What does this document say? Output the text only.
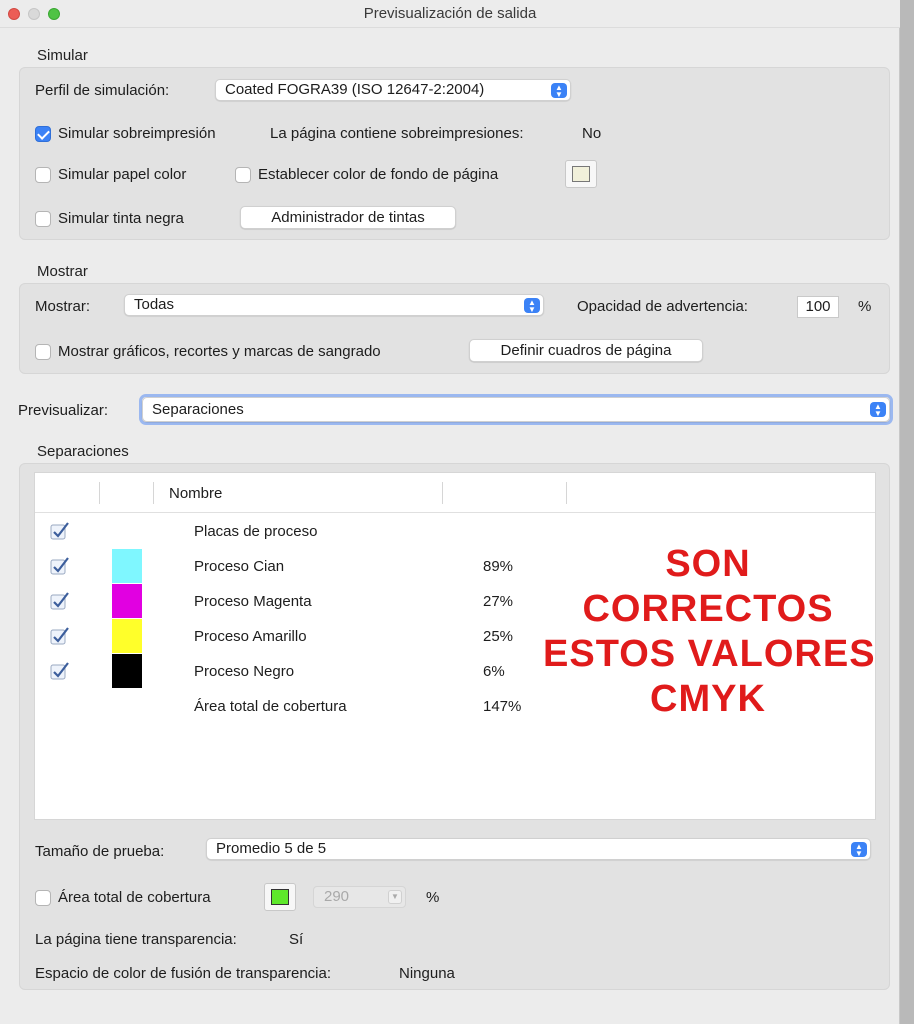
Previsualización de salida
Simular
Perfil de simulación:	Coated FOGRA39 (ISO 12647-2:2004)	▲
▼
Simular sobreimpresión	La página contiene sobreimpresiones:	No
Simular papel color	Establecer color de fondo de página
Simular tinta negra	Administrador de tintas
Mostrar
Mostrar:	Todas	▲
▼	Opacidad de advertencia:	100	%
Mostrar gráficos, recortes y marcas de sangrado	Definir cuadros de página
Previsualizar:	Separaciones	▲
▼
Separaciones
Nombre
Placas de proceso
Proceso Cian	89%
Proceso Magenta	27%
Proceso Amarillo	25%
Proceso Negro	6%
Área total de cobertura	147%
SON
CORRECTOS
ESTOS VALORES
CMYK
Tamaño de prueba:	Promedio 5 de 5	▲
▼
Área total de cobertura	290	▼ %
La página tiene transparencia:	Sí
Espacio de color de fusión de transparencia:	Ninguna
